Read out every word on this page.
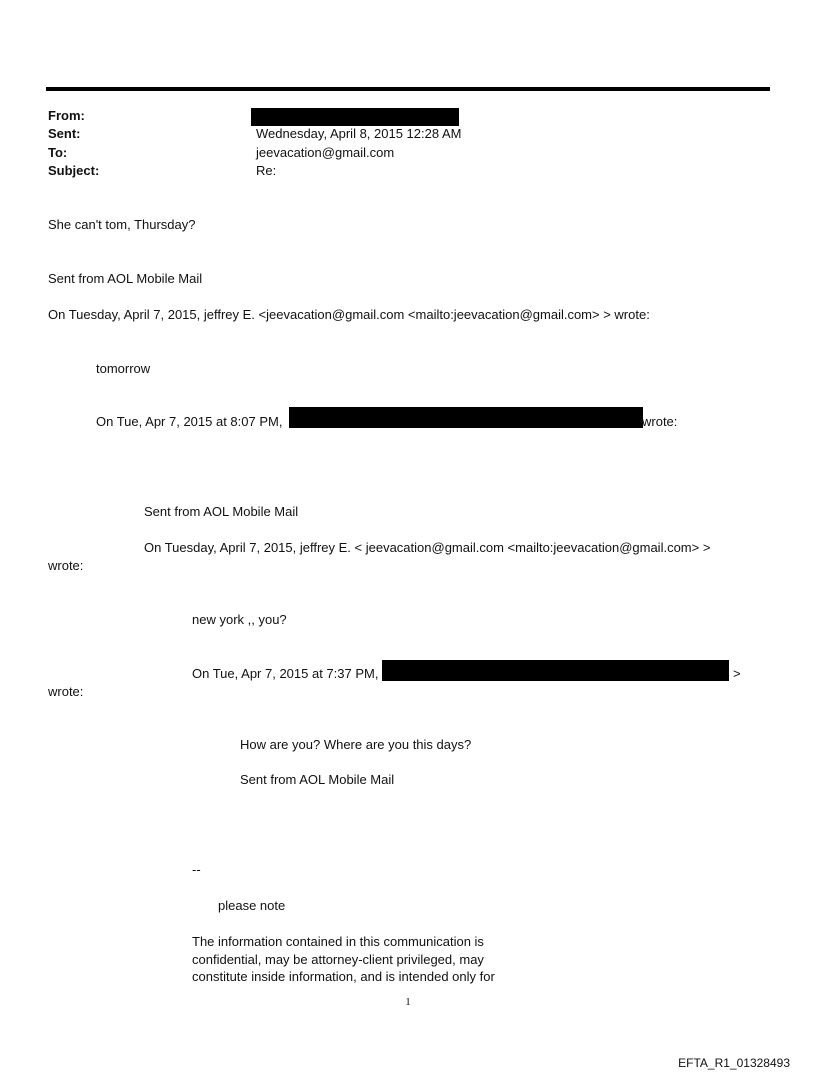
From:
Sent:	Wednesday, April 8, 2015 12:28 AM
To:	jeevacation@gmail.com
Subject:	Re:
She can't tom, Thursday?
Sent from AOL Mobile Mail
On Tuesday, April 7, 2015, jeffrey E. <jeevacation@gmail.com <mailto:jeevacation@gmail.com> > wrote:
tomorrow
On Tue, Apr 7, 2015 at 8:07 PM,	wrote:
Sent from AOL Mobile Mail
On Tuesday, April 7, 2015, jeffrey E. < jeevacation@gmail.com <mailto:jeevacation@gmail.com> >
wrote:
new york ,, you?
On Tue, Apr 7, 2015 at 7:37 PM,	>
wrote:
How are you? Where are you this days?
Sent from AOL Mobile Mail
--
please note
The information contained in this communication is
confidential, may be attorney-client privileged, may
constitute inside information, and is intended only for
1
EFTA_R1_01328493
